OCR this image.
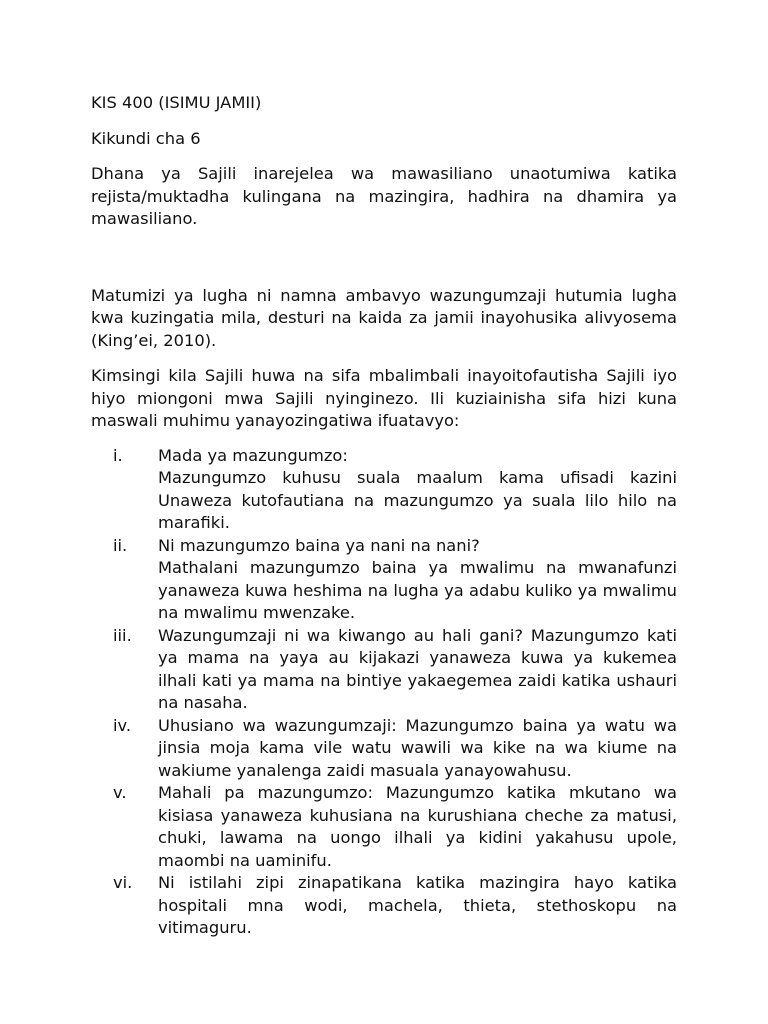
KIS 400 (ISIMU JAMII)

Kikundi cha 6

Dhana ya Sajili inarejelea wa mawasiliano unaotumiwa katika rejista/muktadha kulingana na mazingira, hadhira na dhamira ya mawasiliano.

Matumizi ya lugha ni namna ambavyo wazungumzaji hutumia lugha kwa kuzingatia mila, desturi na kaida za jamii inayohusika alivyosema (King’ei, 2010).

Kimsingi kila Sajili huwa na sifa mbalimbali inayoitofautisha Sajili iyo hiyo miongoni mwa Sajili nyinginezo. Ili kuziainisha sifa hizi kuna maswali muhimu yanayozingatiwa ifuatavyo:

i. Mada ya mazungumzo:
Mazungumzo kuhusu suala maalum kama ufisadi kazini Unaweza kutofautiana na mazungumzo ya suala lilo hilo na marafiki.
ii. Ni mazungumzo baina ya nani na nani?
Mathalani mazungumzo baina ya mwalimu na mwanafunzi yanaweza kuwa heshima na lugha ya adabu kuliko ya mwalimu na mwalimu mwenzake.
iii. Wazungumzaji ni wa kiwango au hali gani? Mazungumzo kati ya mama na yaya au kijakazi yanaweza kuwa ya kukemea ilhali kati ya mama na bintiye yakaegemea zaidi katika ushauri na nasaha.
iv. Uhusiano wa wazungumzaji: Mazungumzo baina ya watu wa jinsia moja kama vile watu wawili wa kike na wa kiume na wakiume yanalenga zaidi masuala yanayowahusu.
v. Mahali pa mazungumzo: Mazungumzo katika mkutano wa kisiasa yanaweza kuhusiana na kurushiana cheche za matusi, chuki, lawama na uongo ilhali ya kidini yakahusu upole, maombi na uaminifu.
vi. Ni istilahi zipi zinapatikana katika mazingira hayo katika hospitali mna wodi, machela, thieta, stethoskopu na vitimaguru.
